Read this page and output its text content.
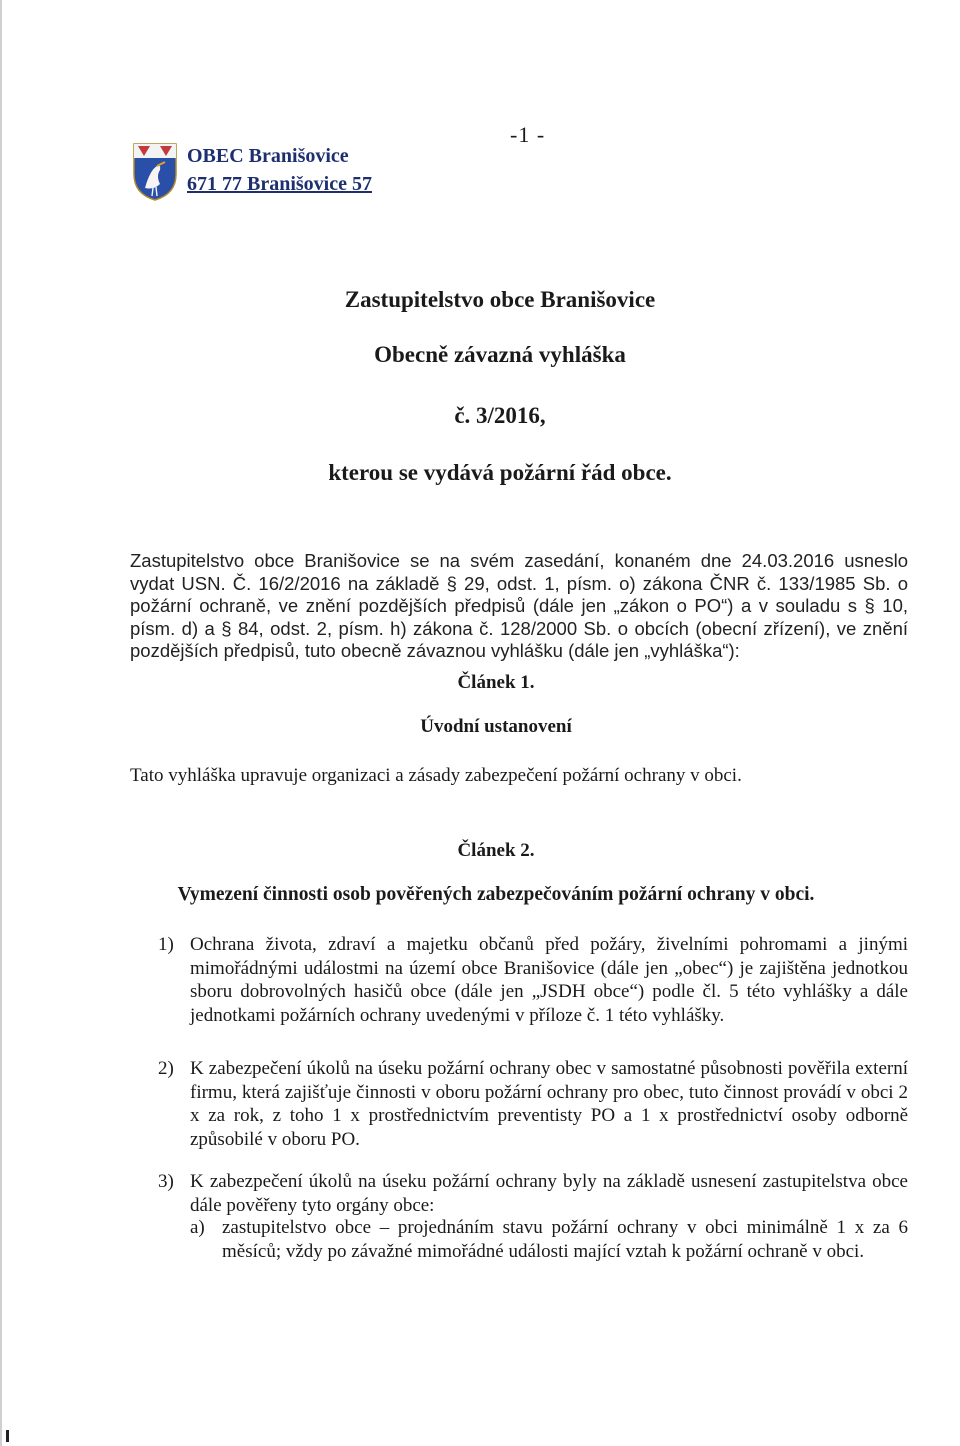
-1 -
OBEC Branišovice
671 77 Branišovice 57
Zastupitelstvo obce Branišovice
Obecně závazná vyhláška
č. 3/2016,
kterou se vydává požární řád obce.
Zastupitelstvo obce Branišovice se na svém zasedání, konaném dne 24.03.2016 usneslo vydat USN. Č. 16/2/2016 na základě § 29, odst. 1, písm. o) zákona ČNR č. 133/1985 Sb. o požární ochraně, ve znění pozdějších předpisů (dále jen „zákon o PO“) a v souladu s § 10, písm. d) a § 84, odst. 2, písm. h) zákona č. 128/2000 Sb. o obcích (obecní zřízení), ve znění pozdějších předpisů, tuto obecně závaznou vyhlášku (dále jen „vyhláška“):
Článek 1.
Úvodní ustanovení
Tato vyhláška upravuje organizaci a zásady zabezpečení požární ochrany v obci.
Článek 2.
Vymezení činnosti osob pověřených zabezpečováním požární ochrany v obci.
1) Ochrana života, zdraví a majetku občanů před požáry, živelními pohromami a jinými mimořádnými událostmi na území obce Branišovice (dále jen „obec“) je zajištěna jednotkou sboru dobrovolných hasičů obce (dále jen „JSDH obce“) podle čl. 5 této vyhlášky a dále jednotkami požárních ochrany uvedenými v příloze č. 1 této vyhlášky.
2) K zabezpečení úkolů na úseku požární ochrany obec v samostatné působnosti pověřila externí firmu, která zajišťuje činnosti v oboru požární ochrany pro obec, tuto činnost provádí v obci 2 x za rok, z toho 1 x prostřednictvím preventisty PO a 1 x prostřednictví osoby odborně způsobilé v oboru PO.
3) K zabezpečení úkolů na úseku požární ochrany byly na základě usnesení zastupitelstva obce dále pověřeny tyto orgány obce:
a) zastupitelstvo obce – projednáním stavu požární ochrany v obci minimálně 1 x za 6 měsíců; vždy po závažné mimořádné události mající vztah k požární ochraně v obci.
